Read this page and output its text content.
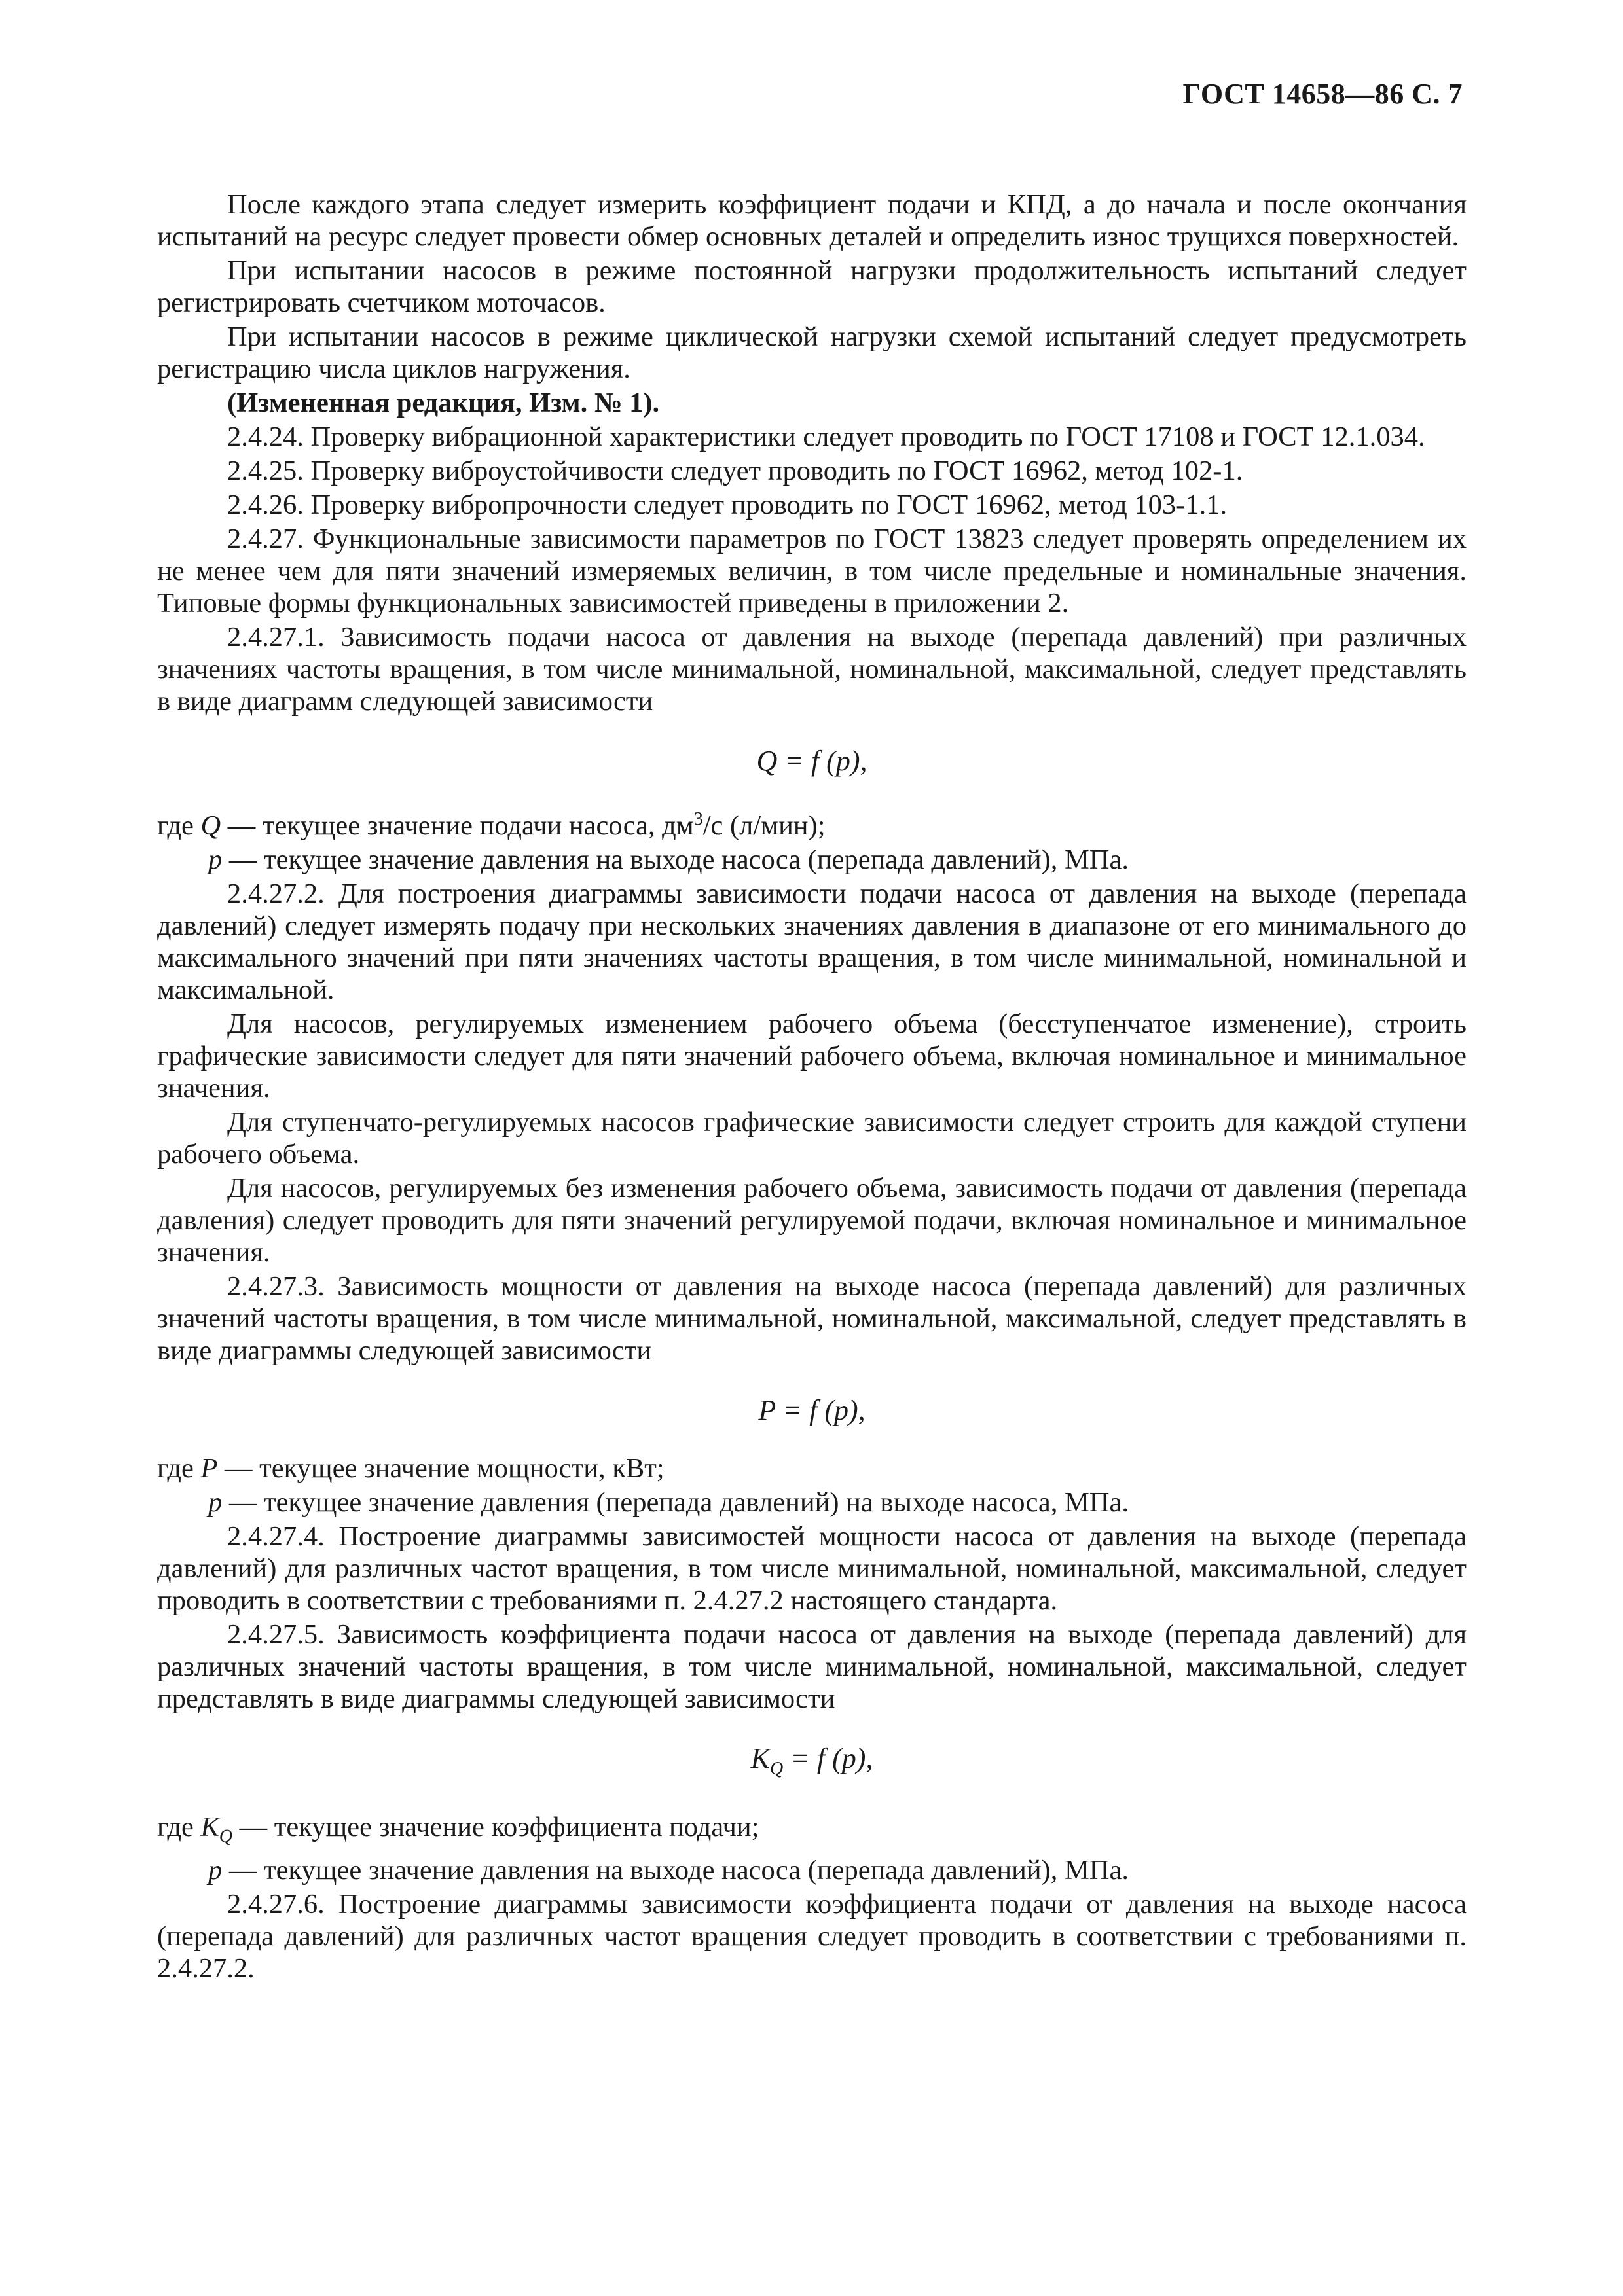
ГОСТ 14658—86 С. 7

После каждого этапа следует измерить коэффициент подачи и КПД, а до начала и после окончания испытаний на ресурс следует провести обмер основных деталей и определить износ трущихся поверхностей.

При испытании насосов в режиме постоянной нагрузки продолжительность испытаний следует регистрировать счетчиком моточасов.

При испытании насосов в режиме циклической нагрузки схемой испытаний следует предусмотреть регистрацию числа циклов нагружения.

(Измененная редакция, Изм. № 1).

2.4.24. Проверку вибрационной характеристики следует проводить по ГОСТ 17108 и ГОСТ 12.1.034.

2.4.25. Проверку виброустойчивости следует проводить по ГОСТ 16962, метод 102-1.

2.4.26. Проверку вибропрочности следует проводить по ГОСТ 16962, метод 103-1.1.

2.4.27. Функциональные зависимости параметров по ГОСТ 13823 следует проверять определением их не менее чем для пяти значений измеряемых величин, в том числе предельные и номинальные значения. Типовые формы функциональных зависимостей приведены в приложении 2.

2.4.27.1. Зависимость подачи насоса от давления на выходе (перепада давлений) при различных значениях частоты вращения, в том числе минимальной, номинальной, максимальной, следует представлять в виде диаграмм следующей зависимости

Q = f (p),
где Q — текущее значение подачи насоса, $дм^3/с$ (л/мин);
p — текущее значение давления на выходе насоса (перепада давлений), МПа.

2.4.27.2. Для построения диаграммы зависимости подачи насоса от давления на выходе (перепада давлений) следует измерять подачу при нескольких значениях давления в диапазоне от его минимального до максимального значений при пяти значениях частоты вращения, в том числе минимальной, номинальной и максимальной.

Для насосов, регулируемых изменением рабочего объема (бесступенчатое изменение), строить графические зависимости следует для пяти значений рабочего объема, включая номинальное и минимальное значения.

Для ступенчато-регулируемых насосов графические зависимости следует строить для каждой ступени рабочего объема.

Для насосов, регулируемых без изменения рабочего объема, зависимость подачи от давления (перепада давления) следует проводить для пяти значений регулируемой подачи, включая номинальное и минимальное значения.

2.4.27.3. Зависимость мощности от давления на выходе насоса (перепада давлений) для различных значений частоты вращения, в том числе минимальной, номинальной, максимальной, следует представлять в виде диаграммы следующей зависимости

P = f (p),
где P — текущее значение мощности, кВт;
p — текущее значение давления (перепада давлений) на выходе насоса, МПа.

2.4.27.4. Построение диаграммы зависимостей мощности насоса от давления на выходе (перепада давлений) для различных частот вращения, в том числе минимальной, номинальной, максимальной, следует проводить в соответствии с требованиями п. 2.4.27.2 настоящего стандарта.

2.4.27.5. Зависимость коэффициента подачи насоса от давления на выходе (перепада давлений) для различных значений частоты вращения, в том числе минимальной, номинальной, максимальной, следует представлять в виде диаграммы следующей зависимости

$K_Q = f$ (p),
где $K_Q$ — текущее значение коэффициента подачи;
p — текущее значение давления на выходе насоса (перепада давлений), МПа.

2.4.27.6. Построение диаграммы зависимости коэффициента подачи от давления на выходе насоса (перепада давлений) для различных частот вращения следует проводить в соответствии с требованиями п. 2.4.27.2.
